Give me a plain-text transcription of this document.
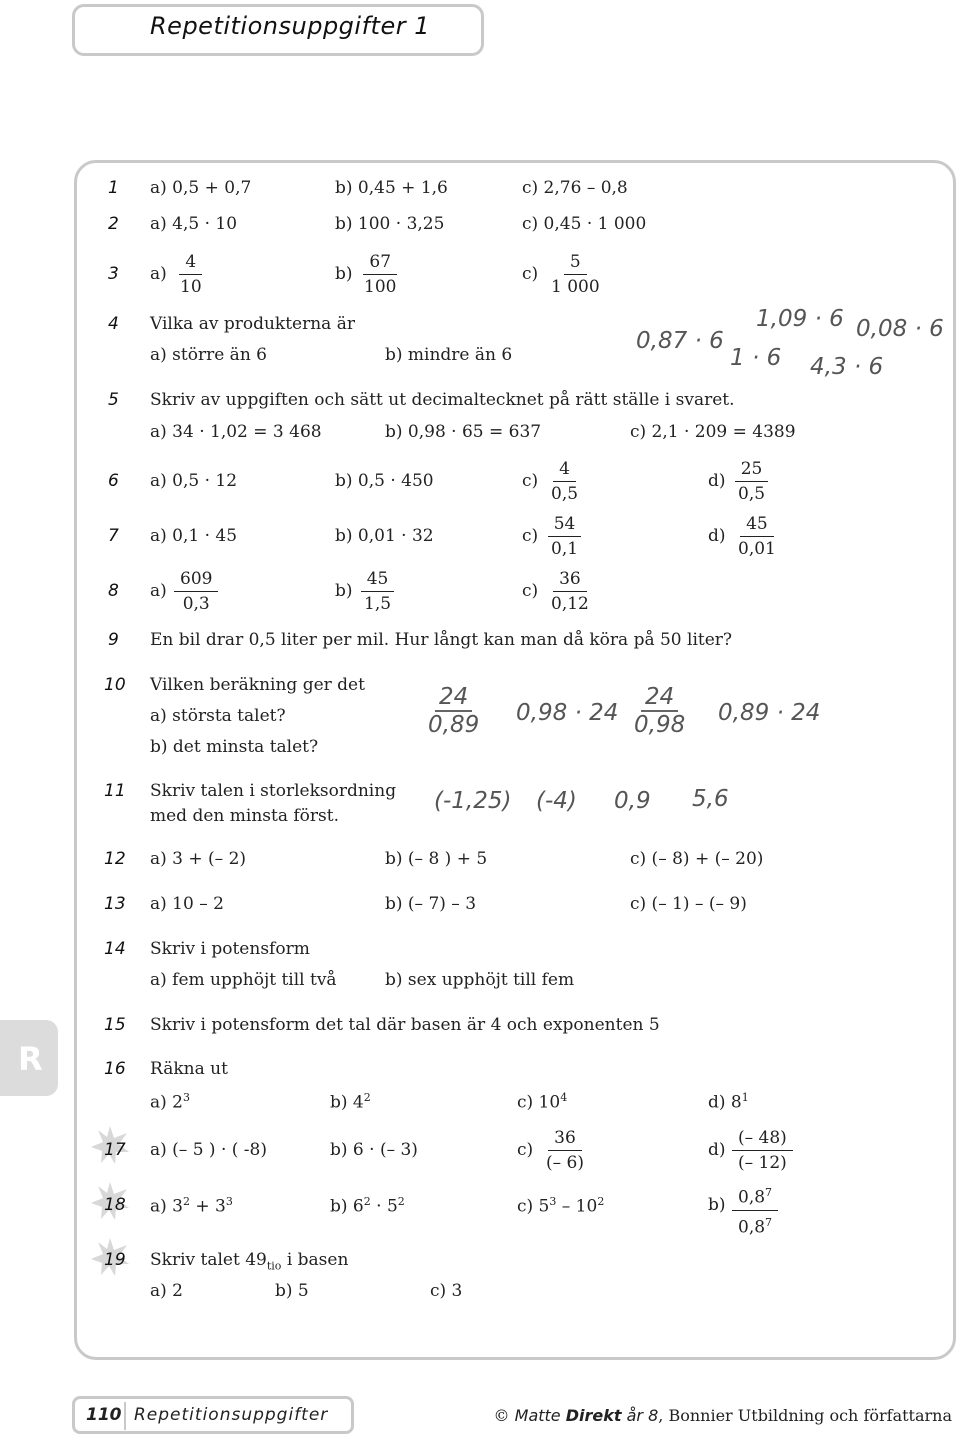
Repetitionsuppgifter 1
R
1 a) 0,5 + 0,7	b) 0,45 + 1,6	c) 2,76 – 0,8
2 a) 4,5 · 10	b) 100 · 3,25	c) 0,45 · 1 000
3 $a) \frac{4}{10}$	$b) \frac{67}{100}$	$c) \frac{5}{1 000}$
4 Vilka av produkterna är
a) större än 6	b) mindre än 6
0,87 · 6
1,09 · 6
1 · 6 4,3 · 6
0,08 · 6
5 Skriv av uppgiften och sätt ut decimaltecknet på rätt ställe i svaret.
a) 34 · 1,02 = 3 468	b) 0,98 · 65 = 637	c) 2,1 · 209 = 4389
6 a) 0,5 · 12	b) 0,5 · 450	$c) \frac{4}{0,5}$	$d) \frac{25}{0,5}$
7 a) 0,1 · 45	b) 0,01 · 32	$c) \frac{54}{0,1}$	$d) \frac{45}{0,01}$
8 $a) \frac{609}{0,3}$	$b) \frac{45}{1,5}$	$c) \frac{36}{0,12}$
9 En bil drar 0,5 liter per mil. Hur långt kan man då köra på 50 liter?
10 Vilken beräkning ger det
a) största talet?
b) det minsta talet?
$\frac{24}{0,89} 0,98 \cdot 24 \frac{24}{0,98} 0,89 \cdot 24$
11 Skriv talen i storleksordning
med den minsta först.
(-1,25) (-4) 0,9 5,6
12 a) 3 + (– 2)	b) (– 8 ) + 5	c) (– 8) + (– 20)
13 a) 10 – 2	b) (– 7) – 3	c) (– 1) – (– 9)
14 Skriv i potensform
a) fem upphöjt till två	b) sex upphöjt till fem
15 Skriv i potensform det tal där basen är 4 och exponenten 5
16 Räkna ut
a) $2^3$	b) $4^2$	c) $10^4$	d) $8^1$
17 a) (– 5 ) · ( -8)	b) 6 · (– 3)	$c) \frac{36}{(- 6)}$	$d) \frac{(- 48)}{(- 12)}$
18 a) $3^2 + 3^3$	b) $6^2 \cdot 5^2$	c) $5^3 - 10^2$	$b) \frac{0,8^7}{0,8^7}$
19 Skriv talet $49_{tio}$ i basen
a) 2	b) 5	c) 3
110 Repetitionsuppgifter	© Matte Direkt år 8, Bonnier Utbildning och författarna
